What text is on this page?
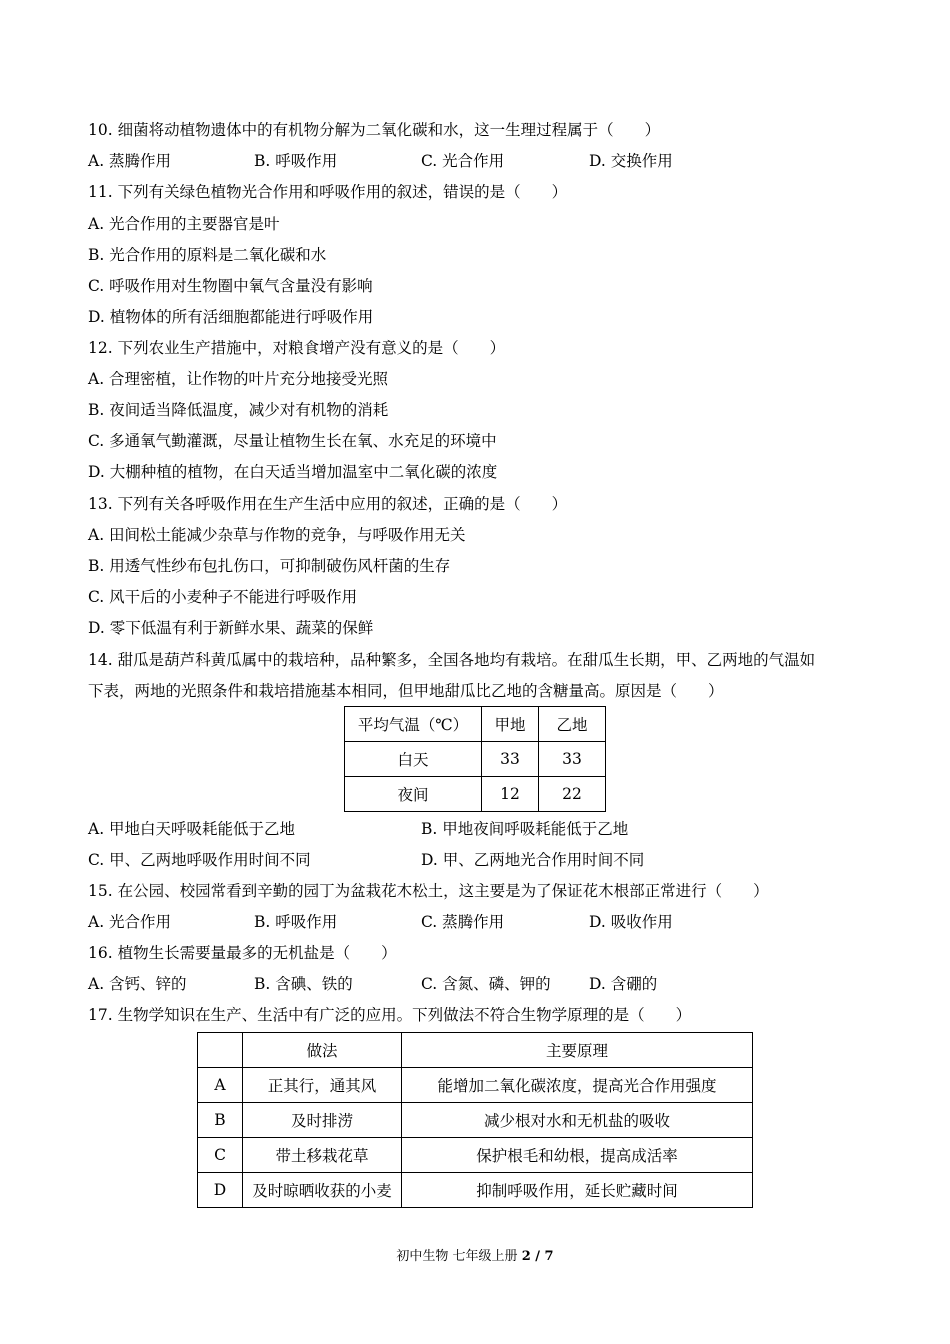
10. 细菌将动植物遗体中的有机物分解为二氧化碳和水，这一生理过程属于（　　）
A. 蒸腾作用	B. 呼吸作用	C. 光合作用	D. 交换作用
11. 下列有关绿色植物光合作用和呼吸作用的叙述，错误的是（　　）
A. 光合作用的主要器官是叶
B. 光合作用的原料是二氧化碳和水
C. 呼吸作用对生物圈中氧气含量没有影响
D. 植物体的所有活细胞都能进行呼吸作用
12. 下列农业生产措施中，对粮食增产没有意义的是（　　）
A. 合理密植，让作物的叶片充分地接受光照
B. 夜间适当降低温度，减少对有机物的消耗
C. 多通氧气勤灌溉，尽量让植物生长在氧、水充足的环境中
D. 大棚种植的植物，在白天适当增加温室中二氧化碳的浓度
13. 下列有关各呼吸作用在生产生活中应用的叙述，正确的是（　　）
A. 田间松土能减少杂草与作物的竞争，与呼吸作用无关
B. 用透气性纱布包扎伤口，可抑制破伤风杆菌的生存
C. 风干后的小麦种子不能进行呼吸作用
D. 零下低温有利于新鲜水果、蔬菜的保鲜
14. 甜瓜是葫芦科黄瓜属中的栽培种，品种繁多，全国各地均有栽培。在甜瓜生长期，甲、乙两地的气温如
下表，两地的光照条件和栽培措施基本相同，但甲地甜瓜比乙地的含糖量高。原因是（　　）
平均气温（℃）	甲地	乙地
白天	33	33
夜间	12	22
A. 甲地白天呼吸耗能低于乙地	B. 甲地夜间呼吸耗能低于乙地
C. 甲、乙两地呼吸作用时间不同	D. 甲、乙两地光合作用时间不同
15. 在公园、校园常看到辛勤的园丁为盆栽花木松土，这主要是为了保证花木根部正常进行（　　）
A. 光合作用	B. 呼吸作用	C. 蒸腾作用	D. 吸收作用
16. 植物生长需要量最多的无机盐是（　　）
A. 含钙、锌的	B. 含碘、铁的	C. 含氮、磷、钾的 D. 含硼的
17. 生物学知识在生产、生活中有广泛的应用。下列做法不符合生物学原理的是（　　）
	做法	主要原理
A	正其行，通其风	能增加二氧化碳浓度，提高光合作用强度
B	及时排涝	减少根对水和无机盐的吸收
C	带土移栽花草	保护根毛和幼根，提高成活率
D	及时晾晒收获的小麦	抑制呼吸作用，延长贮藏时间
初中生物 七年级上册 2 / 7
